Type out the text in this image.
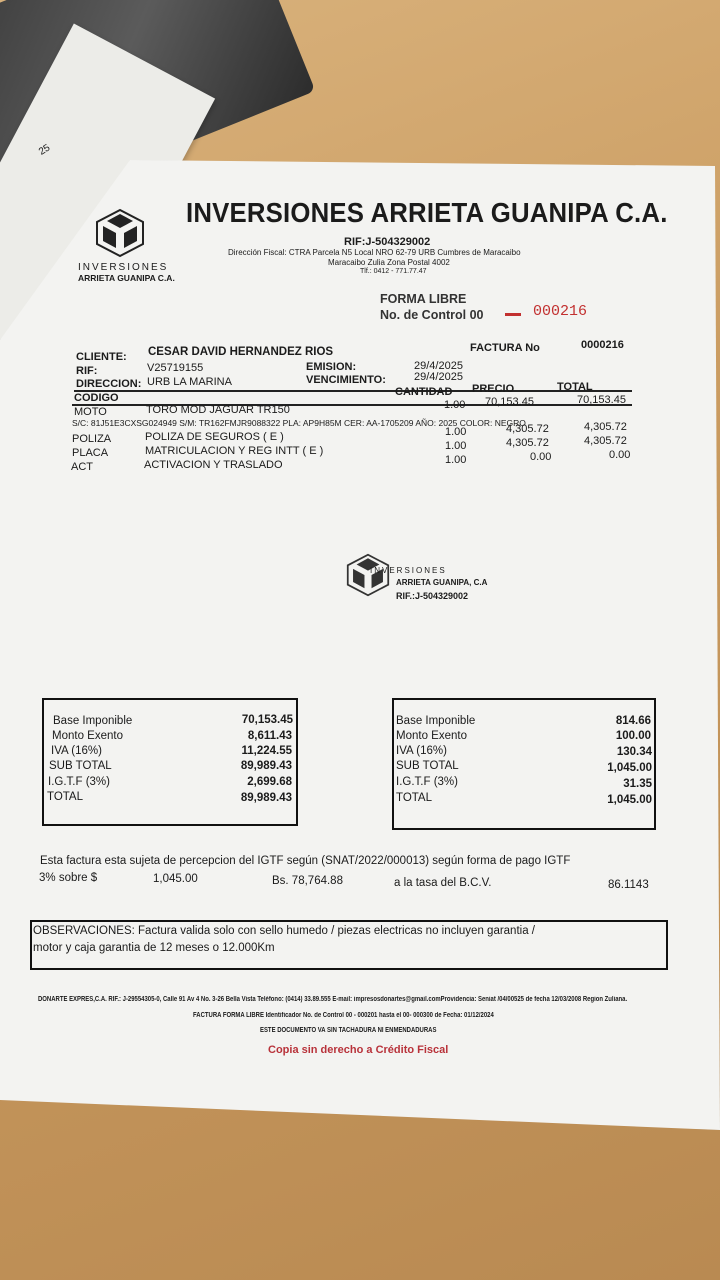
25
INVERSIONES
ARRIETA GUANIPA C.A.
INVERSIONES ARRIETA GUANIPA C.A.
RIF:J-504329002
Dirección Fiscal: CTRA Parcela N5 Local NRO 62-79 URB Cumbres de Maracaibo
Maracaibo Zulia Zona Postal 4002
Tlf.: 0412 - 771.77.47
FORMA LIBRE
No. de Control 00	000216
FACTURA No	0000216
CLIENTE: CESAR DAVID HERNANDEZ RIOS
RIF:	V25719155	EMISION:	29/4/2025
DIRECCION: URB LA MARINA	VENCIMIENTO:	29/4/2025
CODIGO	CANTIDAD PRECIO	TOTAL
MOTO	TORO MOD JAGUAR TR150	1.00 70,153.45	70,153.45
S/C: 81J51E3CXSG024949 S/M: TR162FMJR9088322 PLA: AP9H85M CER: AA-1705209 AÑO: 2025 COLOR: NEGRO
POLIZA	POLIZA DE SEGUROS ( E )	1.00	4,305.72	4,305.72
PLACA	MATRICULACION Y REG INTT ( E )	1.00	4,305.72	4,305.72
ACT	ACTIVACION Y TRASLADO	1.00	0.00	0.00
INVERSIONES
ARRIETA GUANIPA, C.A
RIF.:J-504329002
Base Imponible	70,153.45
Monto Exento	8,611.43
IVA (16%)	11,224.55
SUB TOTAL	89,989.43
I.G.T.F (3%)	2,699.68
TOTAL	89,989.43
Base Imponible	814.66
Monto Exento	100.00
IVA (16%)	130.34
SUB TOTAL	1,045.00
I.G.T.F (3%)	31.35
TOTAL	1,045.00
Esta factura esta sujeta de percepcion del IGTF según (SNAT/2022/000013) según forma de pago IGTF
3% sobre $	1,045.00	Bs. 78,764.88	a la tasa del B.C.V.	86.1143
OBSERVACIONES: Factura valida solo con sello humedo / piezas electricas no incluyen garantia /
motor y caja garantia de 12 meses o 12.000Km
DONARTE EXPRES,C.A. RIF.: J-29554305-0, Calle 91 Av 4 No. 3-26 Bella Vista Teléfono: (0414) 33.89.555 E-mail: impresosdonartes@gmail.comProvidencia: Seniat /04/00525 de fecha 12/03/2008 Region Zuliana.
FACTURA FORMA LIBRE Identificador No. de Control 00 - 000201 hasta el 00- 000300 de Fecha: 01/12/2024
ESTE DOCUMENTO VA SIN TACHADURA NI ENMENDADURAS
Copia sin derecho a Crédito Fiscal
